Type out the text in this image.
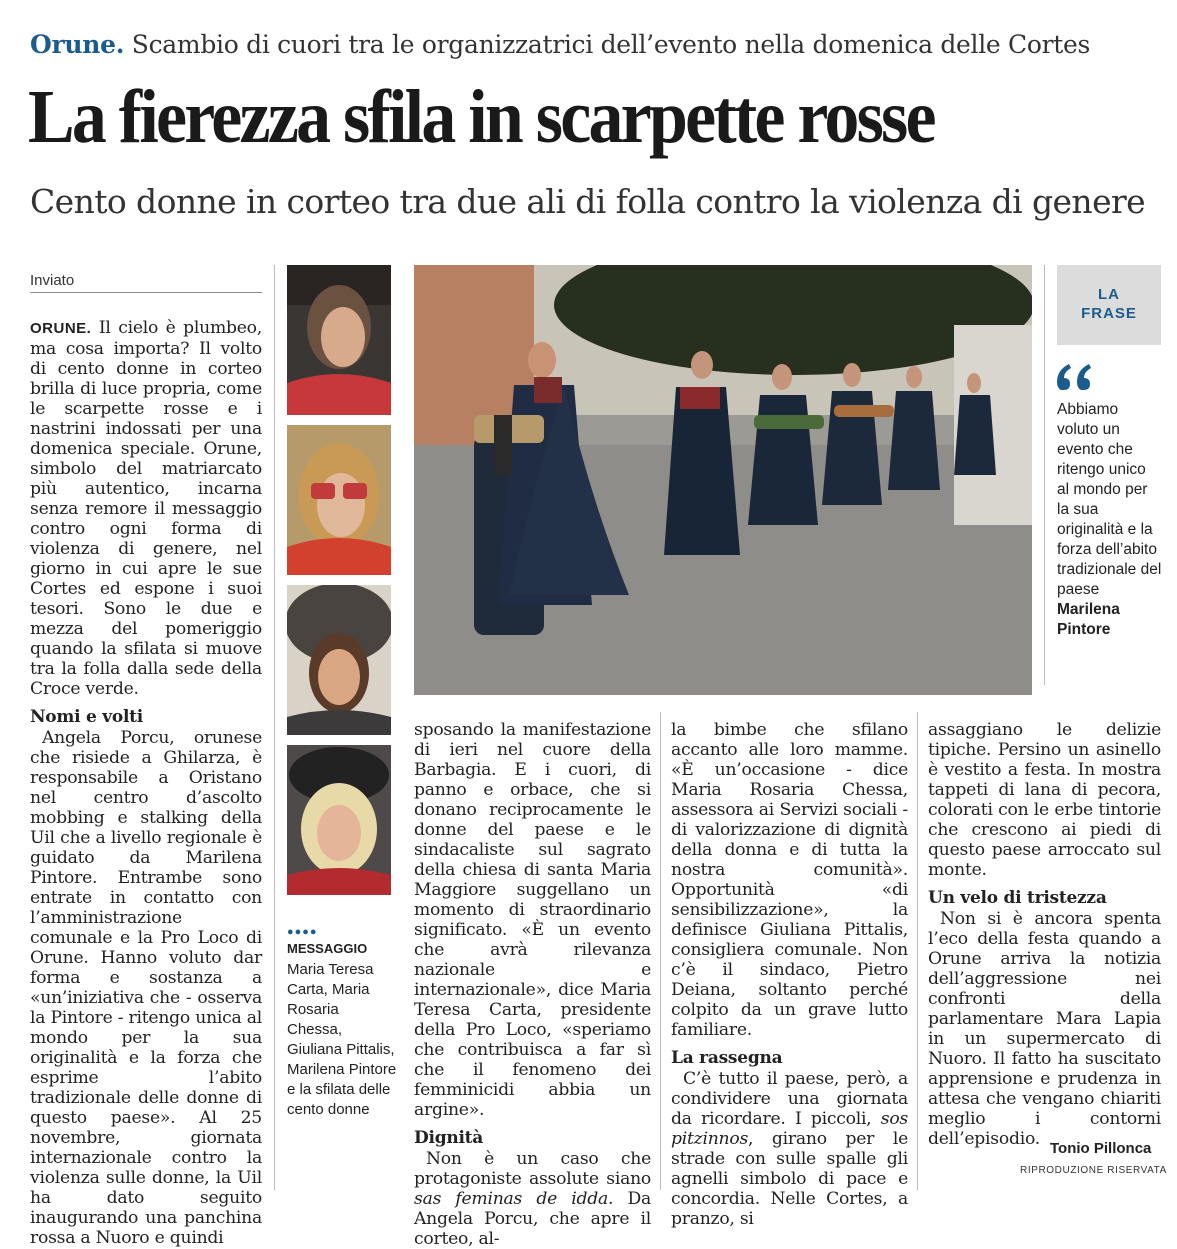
Orune. Scambio di cuori tra le organizzatrici dell’evento nella domenica delle Cortes
La fierezza sfila in scarpette rosse
Cento donne in corteo tra due ali di folla contro la violenza di genere
Inviato

ORUNE. Il cielo è plumbeo, ma cosa importa? Il volto di cento donne in corteo brilla di luce propria, come le scarpette rosse e i nastrini indossati per una domenica speciale. Orune, simbolo del matriarcato più autentico, incarna senza remore il messaggio contro ogni forma di violenza di genere, nel giorno in cui apre le sue Cortes ed espone i suoi tesori. Sono le due e mezza del pomeriggio quando la sfilata si muove tra la folla dalla sede della Croce verde.

Nomi e volti

Angela Porcu, orunese che risiede a Ghilarza, è responsabile a Oristano nel centro d’ascolto mobbing e stalking della Uil che a livello regionale è guidato da Marilena Pintore. Entrambe sono entrate in contatto con l’amministrazione comunale e la Pro Loco di Orune. Hanno voluto dar forma e sostanza a «un’iniziativa che - osserva la Pintore - ritengo unica al mondo per la sua originalità e la forza che esprime l’abito tradizionale delle donne di questo paese». Al 25 novembre, giornata internazionale contro la violenza sulle donne, la Uil ha dato seguito inaugurando una panchina rossa a Nuoro e quindi

●●●●
MESSAGGIO
Maria Teresa Carta, Maria Rosaria Chessa, Giuliana Pittalis, Marilena Pintore e la sfilata delle cento donne
LA
FRASE
Abbiamo voluto un evento che ritengo unico al mondo per la sua originalità e la forza dell’abito tradizionale del paese
Marilena Pintore

sposando la manifestazione di ieri nel cuore della Barbagia. E i cuori, di panno e orbace, che si donano reciprocamente le donne del paese e le sindacaliste sul sagrato della chiesa di santa Maria Maggiore suggellano un momento di straordinario significato. «È un evento che avrà rilevanza nazionale e internazionale», dice Maria Teresa Carta, presidente della Pro Loco, «speriamo che contribuisca a far sì che il fenomeno dei femminicidi abbia un argine».

Dignità

Non è un caso che protagoniste assolute siano sas feminas de idda. Da Angela Porcu, che apre il corteo, al-

la bimbe che sfilano accanto alle loro mamme. «È un’occasione - dice Maria Rosaria Chessa, assessora ai Servizi sociali - di valorizzazione di dignità della donna e di tutta la nostra comunità». Opportunità «di sensibilizzazione», la definisce Giuliana Pittalis, consigliera comunale. Non c’è il sindaco, Pietro Deiana, soltanto perché colpito da un grave lutto familiare.

La rassegna

C’è tutto il paese, però, a condividere una giornata da ricordare. I piccoli, sos pitzinnos, girano per le strade con sulle spalle gli agnelli simbolo di pace e concordia. Nelle Cortes, a pranzo, si

assaggiano le delizie tipiche. Persino un asinello è vestito a festa. In mostra tappeti di lana di pecora, colorati con le erbe tintorie che crescono ai piedi di questo paese arroccato sul monte.

Un velo di tristezza

Non si è ancora spenta l’eco della festa quando a Orune arriva la notizia dell’aggressione nei confronti della parlamentare Mara Lapia in un supermercato di Nuoro. Il fatto ha suscitato apprensione e prudenza in attesa che vengano chiariti meglio i contorni dell’episodio. Tonio Pillonca
RIPRODUZIONE RISERVATA
